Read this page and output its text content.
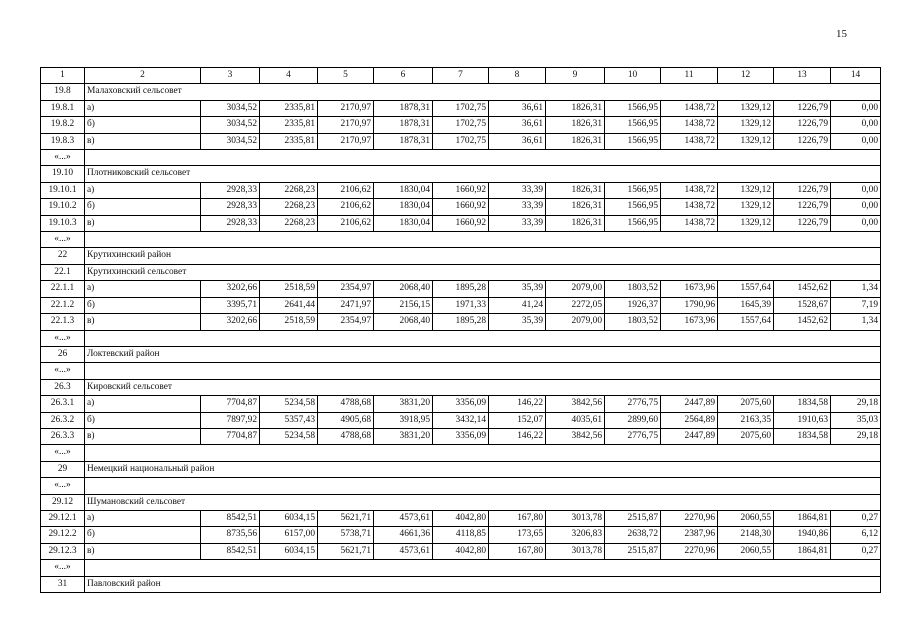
15
1	2	3	4	5	6	7	8	9	10	11	12	13	14
19.8	Малаховский сельсовет												
19.8.1	а)	3034,52	2335,81	2170,97	1878,31	1702,75	36,61	1826,31	1566,95	1438,72	1329,12	1226,79	0,00
19.8.2	б)	3034,52	2335,81	2170,97	1878,31	1702,75	36,61	1826,31	1566,95	1438,72	1329,12	1226,79	0,00
19.8.3	в)	3034,52	2335,81	2170,97	1878,31	1702,75	36,61	1826,31	1566,95	1438,72	1329,12	1226,79	0,00
«...»													
19.10	Плотниковский сельсовет												
19.10.1	а)	2928,33	2268,23	2106,62	1830,04	1660,92	33,39	1826,31	1566,95	1438,72	1329,12	1226,79	0,00
19.10.2	б)	2928,33	2268,23	2106,62	1830,04	1660,92	33,39	1826,31	1566,95	1438,72	1329,12	1226,79	0,00
19.10.3	в)	2928,33	2268,23	2106,62	1830,04	1660,92	33,39	1826,31	1566,95	1438,72	1329,12	1226,79	0,00
«...»													
22	Крутихинский район												
22.1	Крутихинский сельсовет												
22.1.1	а)	3202,66	2518,59	2354,97	2068,40	1895,28	35,39	2079,00	1803,52	1673,96	1557,64	1452,62	1,34
22.1.2	б)	3395,71	2641,44	2471,97	2156,15	1971,33	41,24	2272,05	1926,37	1790,96	1645,39	1528,67	7,19
22.1.3	в)	3202,66	2518,59	2354,97	2068,40	1895,28	35,39	2079,00	1803,52	1673,96	1557,64	1452,62	1,34
«...»													
26	Локтевский район												
«...»													
26.3	Кировский сельсовет												
26.3.1	а)	7704,87	5234,58	4788,68	3831,20	3356,09	146,22	3842,56	2776,75	2447,89	2075,60	1834,58	29,18
26.3.2	б)	7897,92	5357,43	4905,68	3918,95	3432,14	152,07	4035,61	2899,60	2564,89	2163,35	1910,63	35,03
26.3.3	в)	7704,87	5234,58	4788,68	3831,20	3356,09	146,22	3842,56	2776,75	2447,89	2075,60	1834,58	29,18
«...»													
29	Немецкий национальный район												
«...»													
29.12	Шумановский сельсовет												
29.12.1	а)	8542,51	6034,15	5621,71	4573,61	4042,80	167,80	3013,78	2515,87	2270,96	2060,55	1864,81	0,27
29.12.2	б)	8735,56	6157,00	5738,71	4661,36	4118,85	173,65	3206,83	2638,72	2387,96	2148,30	1940,86	6,12
29.12.3	в)	8542,51	6034,15	5621,71	4573,61	4042,80	167,80	3013,78	2515,87	2270,96	2060,55	1864,81	0,27
«...»													
31	Павловский район												
